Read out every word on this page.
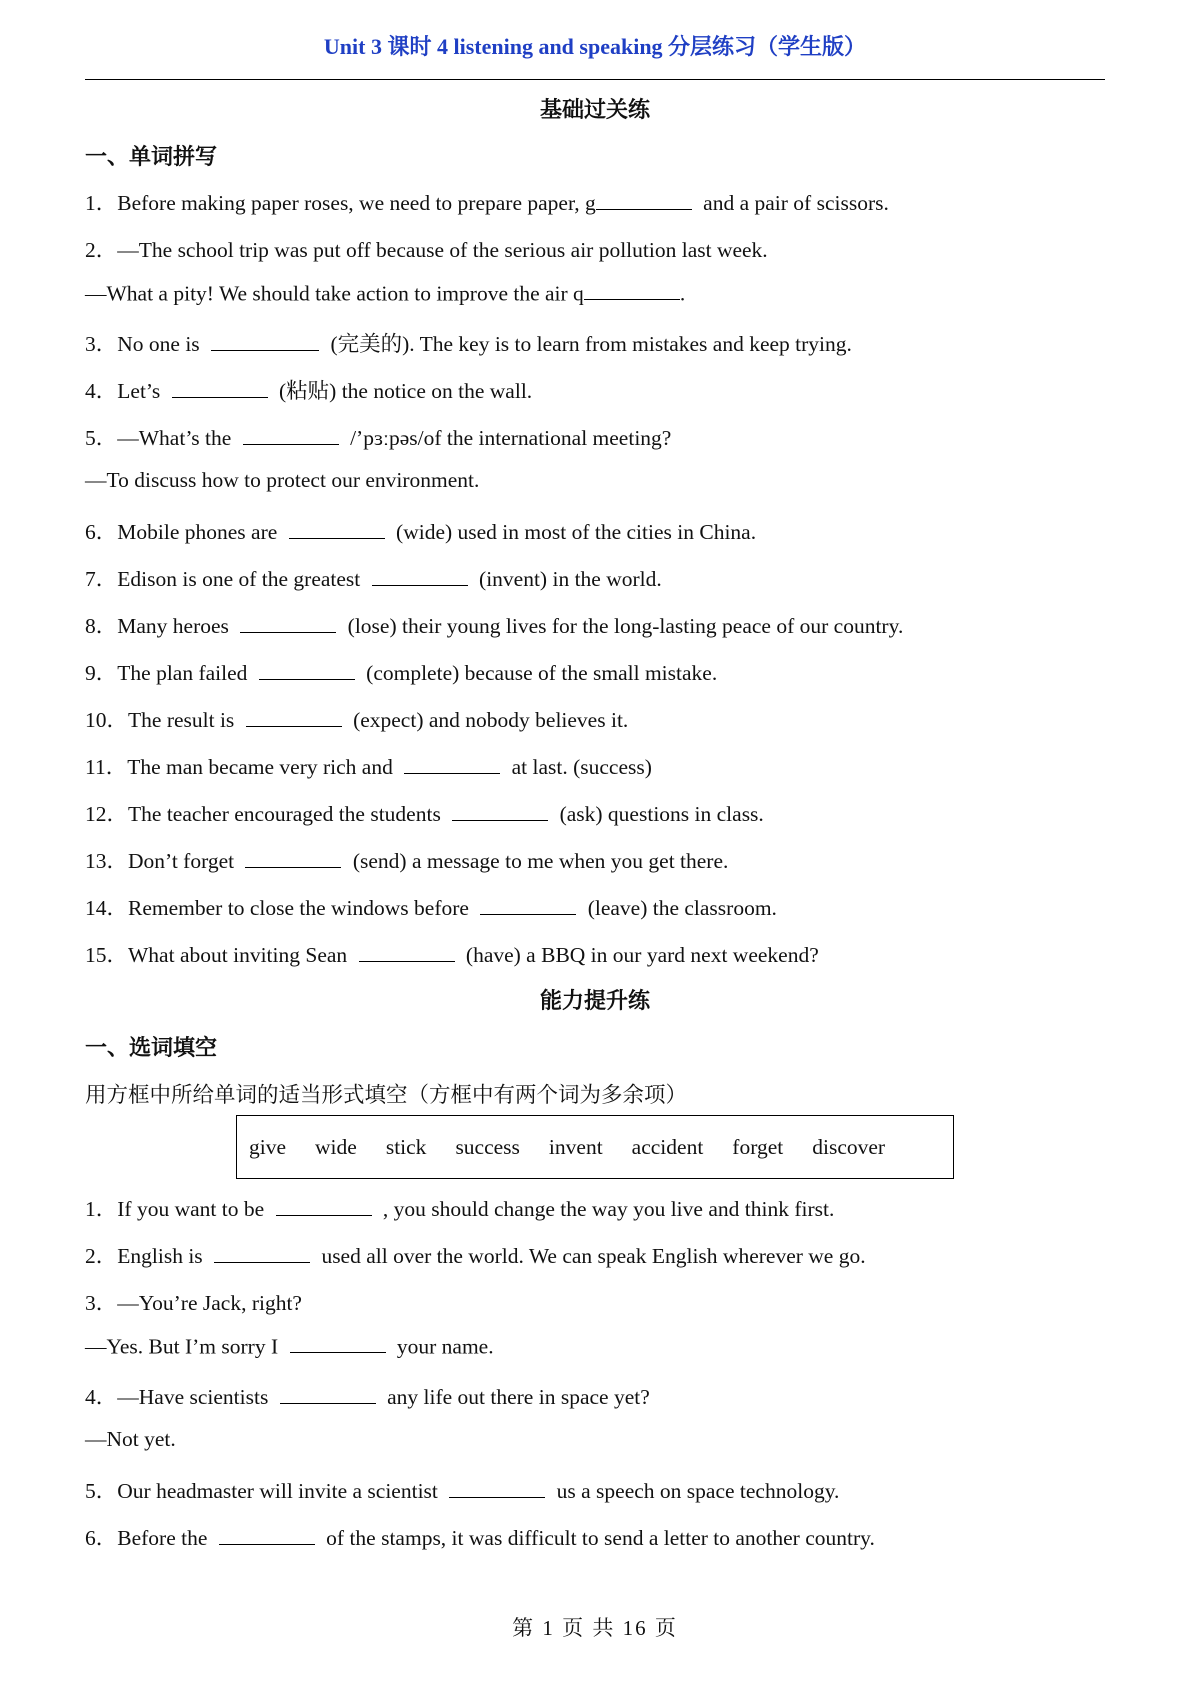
Unit 3 课时 4 listening and speaking 分层练习（学生版）
基础过关练
一、单词拼写
1．Before making paper roses, we need to prepare paper, g	and a pair of scissors.
2．—The school trip was put off because of the serious air pollution last week.
—What a pity! We should take action to improve the air q	.
3．No one is	(完美的). The key is to learn from mistakes and keep trying.
4．Let’s	(粘贴) the notice on the wall.
5．—What’s the	/’pɜːpəs/of the international meeting?
—To discuss how to protect our environment.
6．Mobile phones are	(wide) used in most of the cities in China.
7．Edison is one of the greatest	(invent) in the world.
8．Many heroes	(lose) their young lives for the long-lasting peace of our country.
9．The plan failed	(complete) because of the small mistake.
10．The result is	(expect) and nobody believes it.
11．The man became very rich and	at last. (success)
12．The teacher encouraged the students	(ask) questions in class.
13．Don’t forget	(send) a message to me when you get there.
14．Remember to close the windows before	(leave) the classroom.
15．What about inviting Sean	(have) a BBQ in our yard next weekend?
能力提升练
一、选词填空
用方框中所给单词的适当形式填空（方框中有两个词为多余项）
give wide stick success invent accident forget discover
1．If you want to be	, you should change the way you live and think first.
2．English is	used all over the world. We can speak English wherever we go.
3．—You’re Jack, right?
—Yes. But I’m sorry I	your name.
4．—Have scientists	any life out there in space yet?
—Not yet.
5．Our headmaster will invite a scientist	us a speech on space technology.
6．Before the	of the stamps, it was difficult to send a letter to another country.
第 1 页 共 16 页
